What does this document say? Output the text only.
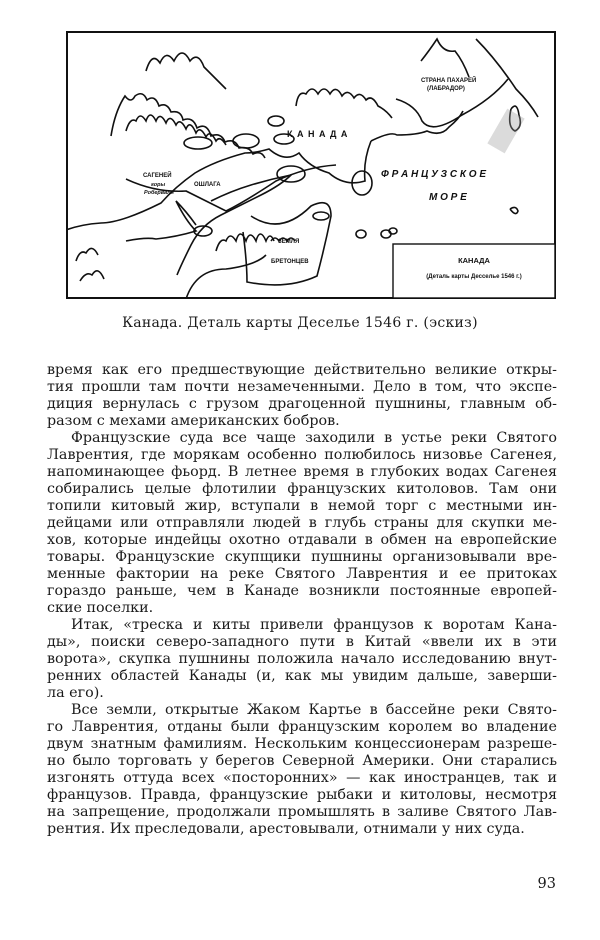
К А Н А Д А
СТРАНА ПАХАРЕЙ
(ЛАБРАДОР)
Ф Р А Н Ц У З С К О Е
М О Р Е
САГЕНЕЙ
ОШЛАГА
горы
Роберваля
ЗЕМЛЯ
БРЕТОНЦЕВ	КАНАДА
(Деталь карты Десселье 1546 г.)
Канада. Деталь карты Деселье 1546 г. (эскиз)
время как его предшествующие действительно великие откры-
тия прошли там почти незамеченными. Дело в том, что экспе-
диция вернулась с грузом драгоценной пушнины, главным об-
разом с мехами американских бобров.
Французские суда все чаще заходили в устье реки Святого
Лаврентия, где морякам особенно полюбилось низовье Сагенея,
напоминающее фьорд. В летнее время в глубоких водах Сагенея
собирались целые флотилии французских китоловов. Там они
топили китовый жир, вступали в немой торг с местными ин-
дейцами или отправляли людей в глубь страны для скупки ме-
хов, которые индейцы охотно отдавали в обмен на европейские
товары. Французские скупщики пушнины организовывали вре-
менные фактории на реке Святого Лаврентия и ее притоках
гораздо раньше, чем в Канаде возникли постоянные европей-
ские поселки.
Итак, «треска и киты привели французов к воротам Кана-
ды», поиски северо-западного пути в Китай «ввели их в эти
ворота», скупка пушнины положила начало исследованию внут-
ренних областей Канады (и, как мы увидим дальше, заверши-
ла его).
Все земли, открытые Жаком Картье в бассейне реки Свято-
го Лаврентия, отданы были французским королем во владение
двум знатным фамилиям. Нескольким концессионерам разреше-
но было торговать у берегов Северной Америки. Они старались
изгонять оттуда всех «посторонних» — как иностранцев, так и
французов. Правда, французские рыбаки и китоловы, несмотря
на запрещение, продолжали промышлять в заливе Святого Лав-
рентия. Их преследовали, арестовывали, отнимали у них суда.
93
